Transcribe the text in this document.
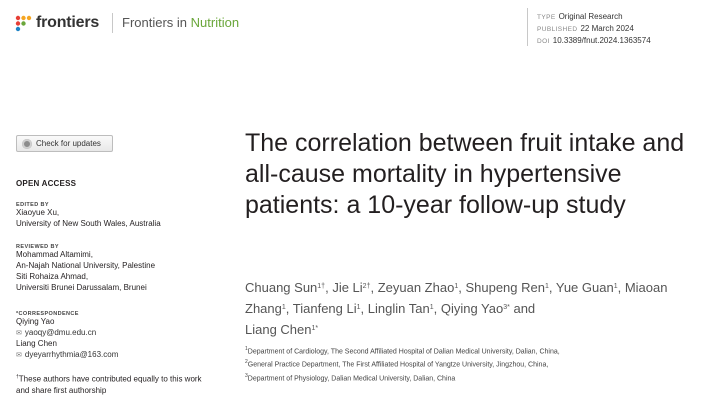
frontiers Frontiers in Nutrition	TYPE Original Research
PUBLISHED 22 March 2024
DOI 10.3389/fnut.2024.1363574
Check for updates
OPEN ACCESS
EDITED BY
Xiaoyue Xu,
University of New South Wales, Australia
REVIEWED BY
Mohammad Altamimi,
An-Najah National University, Palestine
Siti Rohaiza Ahmad,
Universiti Brunei Darussalam, Brunei
*CORRESPONDENCE
Qiying Yao
✉ yaoqy@dmu.edu.cn
Liang Chen
✉ dyeyarrhythmia@163.com
†These authors have contributed equally to this work and share first authorship
The correlation between fruit intake and all-cause mortality in hypertensive patients: a 10-year follow-up study
Chuang Sun$^{1\dagger}$, Jie $Li^{2\dagger}$, Zeyuan Zhao$^1$, Shupeng Ren$^1$, Yue Guan$^1$, Miaoan Zhang$^1$, Tianfeng Li$^1$, Linglin Tan$^1$, Qiying Yao$^{3*}$ and
Liang Chen$^{1*}$
$^1$Department of Cardiology, The Second Affiliated Hospital of Dalian Medical University, Dalian, China,
$^2$General Practice Department, The First Affiliated Hospital of Yangtze University, Jingzhou, China,
$^3$Department of Physiology, Dalian Medical University, Dalian, China
